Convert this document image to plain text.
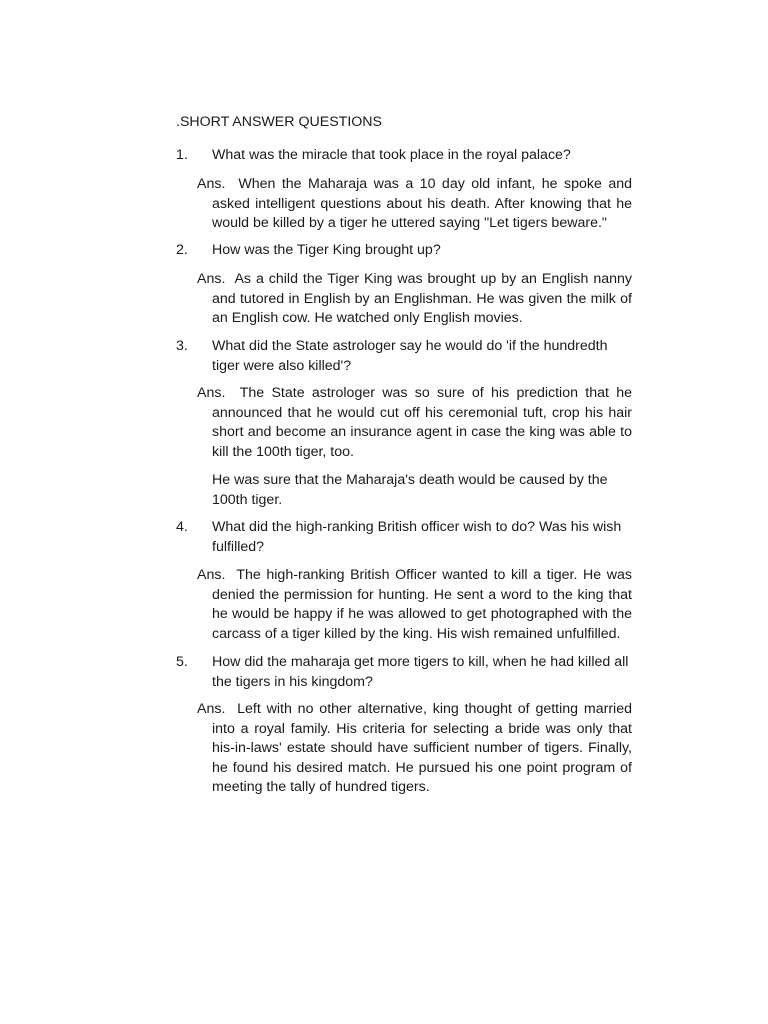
.SHORT ANSWER QUESTIONS
1. What was the miracle that took place in the royal palace?
Ans. When the Maharaja was a 10 day old infant, he spoke and asked intelligent questions about his death. After knowing that he would be killed by a tiger he uttered saying "Let tigers beware."
2. How was the Tiger King brought up?
Ans. As a child the Tiger King was brought up by an English nanny and tutored in English by an Englishman. He was given the milk of an English cow. He watched only English movies.
3. What did the State astrologer say he would do 'if the hundredth tiger were also killed'?
Ans. The State astrologer was so sure of his prediction that he announced that he would cut off his ceremonial tuft, crop his hair short and become an insurance agent in case the king was able to kill the 100th tiger, too.
He was sure that the Maharaja's death would be caused by the 100th tiger.
4. What did the high-ranking British officer wish to do? Was his wish fulfilled?
Ans. The high-ranking British Officer wanted to kill a tiger. He was denied the permission for hunting. He sent a word to the king that he would be happy if he was allowed to get photographed with the carcass of a tiger killed by the king. His wish remained unfulfilled.
5. How did the maharaja get more tigers to kill, when he had killed all the tigers in his kingdom?
Ans. Left with no other alternative, king thought of getting married into a royal family. His criteria for selecting a bride was only that his-in-laws' estate should have sufficient number of tigers. Finally, he found his desired match. He pursued his one point program of meeting the tally of hundred tigers.
